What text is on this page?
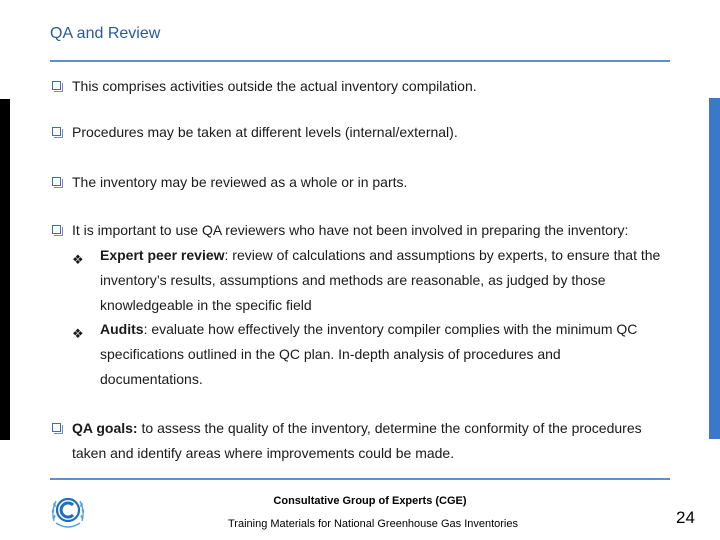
QA and Review
This comprises activities outside the actual inventory compilation.
Procedures may be taken at different levels (internal/external).
The inventory may be reviewed as a whole or in parts.
It is important to use QA reviewers who have not been involved in preparing the inventory:
❖ Expert peer review: review of calculations and assumptions by experts, to ensure that the inventory’s results, assumptions and methods are reasonable, as judged by those knowledgeable in the specific field
❖ Audits: evaluate how effectively the inventory compiler complies with the minimum QC specifications outlined in the QC plan. In-depth analysis of procedures and documentations.
QA goals: to assess the quality of the inventory, determine the conformity of the procedures taken and identify areas where improvements could be made.
Consultative Group of Experts (CGE)
Training Materials for National Greenhouse Gas Inventories	24
